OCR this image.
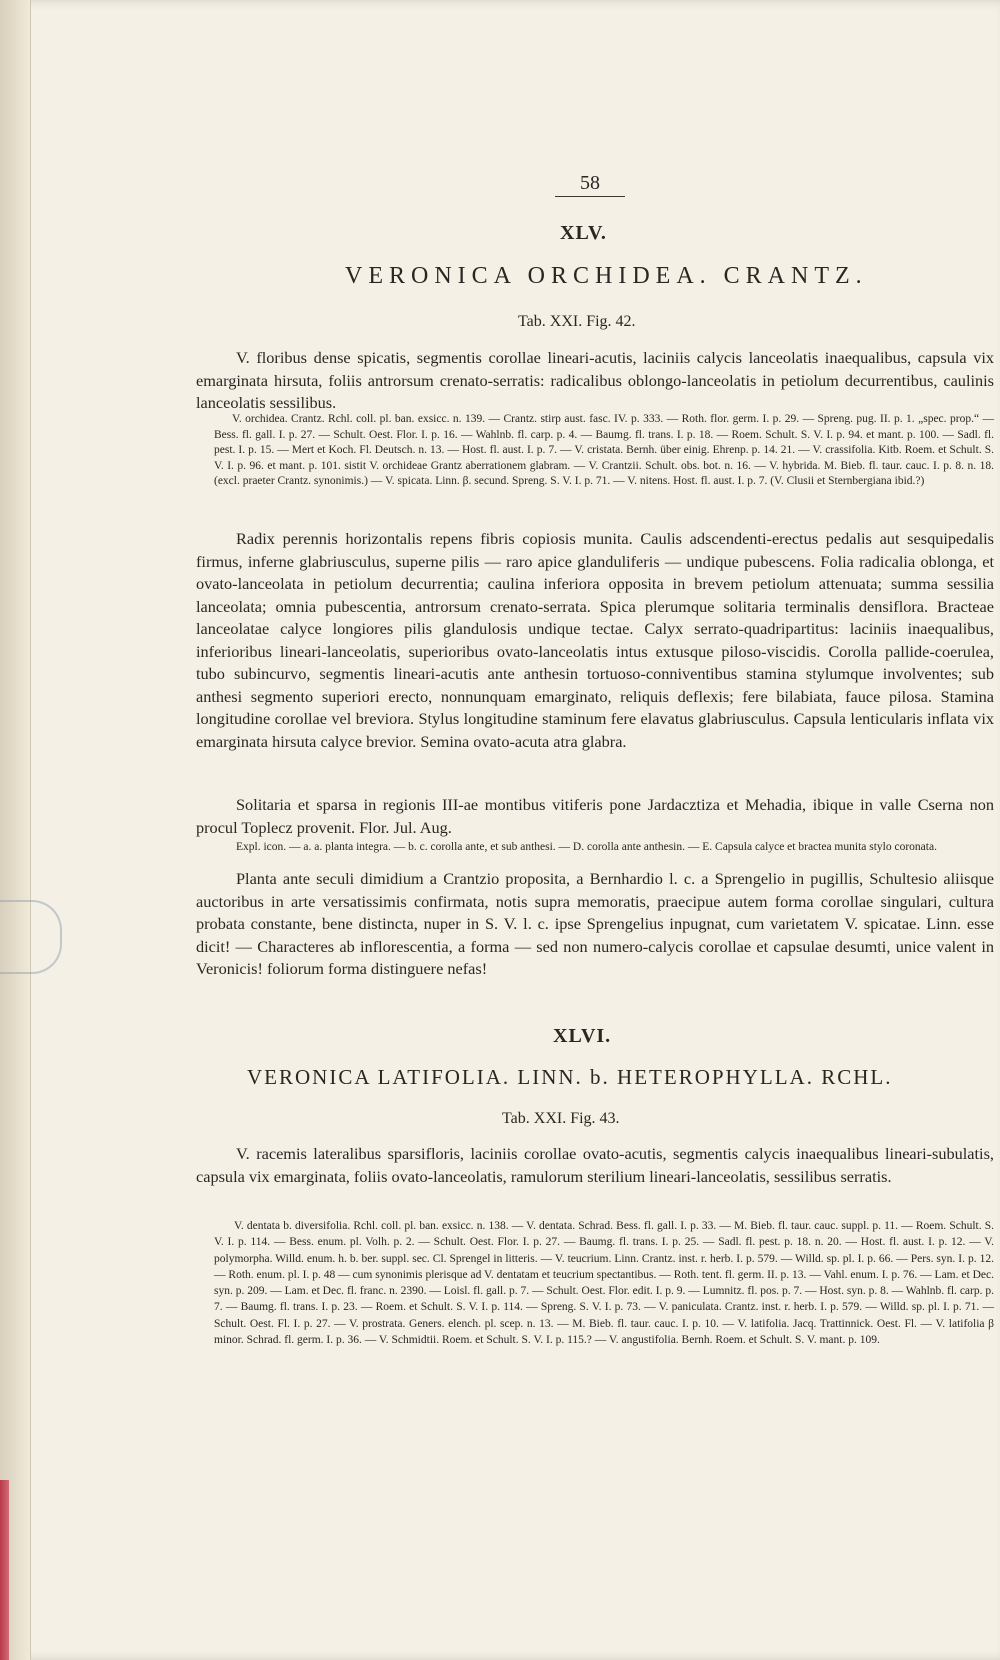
58
XLV.
VERONICA ORCHIDEA. CRANTZ.
Tab. XXI. Fig. 42.
V. floribus dense spicatis, segmentis corollae lineari-acutis, laciniis calycis lanceolatis inaequalibus, capsula vix emarginata hirsuta, foliis antrorsum crenato-serratis: radicalibus oblongo-lanceolatis in petiolum decurrentibus, caulinis lanceolatis sessilibus.
V. orchidea. Crantz. Rchl. coll. pl. ban. exsicc. n. 139. — Crantz. stirp aust. fasc. IV. p. 333. — Roth. flor. germ. I. p. 29. — Spreng. pug. II. p. 1. „spec. prop.“ — Bess. fl. gall. I. p. 27. — Schult. Oest. Flor. I. p. 16. — Wahlnb. fl. carp. p. 4. — Baumg. fl. trans. I. p. 18. — Roem. Schult. S. V. I. p. 94. et mant. p. 100. — Sadl. fl. pest. I. p. 15. — Mert et Koch. Fl. Deutsch. n. 13. — Host. fl. aust. I. p. 7. — V. cristata. Bernh. über einig. Ehrenp. p. 14. 21. — V. crassifolia. Kitb. Roem. et Schult. S. V. I. p. 96. et mant. p. 101. sistit V. orchideae Grantz aberrationem glabram. — V. Crantzii. Schult. obs. bot. n. 16. — V. hybrida. M. Bieb. fl. taur. cauc. I. p. 8. n. 18. (excl. praeter Crantz. synonimis.) — V. spicata. Linn. β. secund. Spreng. S. V. I. p. 71. — V. nitens. Host. fl. aust. I. p. 7. (V. Clusii et Sternbergiana ibid.?)
Radix perennis horizontalis repens fibris copiosis munita. Caulis adscendenti-erectus pedalis aut sesquipedalis firmus, inferne glabriusculus, superne pilis — raro apice glanduliferis — undique pubescens. Folia radicalia oblonga, et ovato-lanceolata in petiolum decurrentia; caulina inferiora opposita in brevem petiolum attenuata; summa sessilia lanceolata; omnia pubescentia, antrorsum crenato-serrata. Spica plerumque solitaria terminalis densiflora. Bracteae lanceolatae calyce longiores pilis glandulosis undique tectae. Calyx serrato-quadripartitus: laciniis inaequalibus, inferioribus lineari-lanceolatis, superioribus ovato-lanceolatis intus extusque piloso-viscidis. Corolla pallide-coerulea, tubo subincurvo, segmentis lineari-acutis ante anthesin tortuoso-conniventibus stamina stylumque involventes; sub anthesi segmento superiori erecto, nonnunquam emarginato, reliquis deflexis; fere bilabiata, fauce pilosa. Stamina longitudine corollae vel breviora. Stylus longitudine staminum fere elavatus glabriusculus. Capsula lenticularis inflata vix emarginata hirsuta calyce brevior. Semina ovato-acuta atra glabra.
Solitaria et sparsa in regionis III-ae montibus vitiferis pone Jardacztiza et Mehadia, ibique in valle Cserna non procul Toplecz provenit. Flor. Jul. Aug.
Expl. icon. — a. a. planta integra. — b. c. corolla ante, et sub anthesi. — D. corolla ante anthesin. — E. Capsula calyce et bractea munita stylo coronata.
Planta ante seculi dimidium a Crantzio proposita, a Bernhardio l. c. a Sprengelio in pugillis, Schultesio aliisque auctoribus in arte versatissimis confirmata, notis supra memoratis, praecipue autem forma corollae singulari, cultura probata constante, bene distincta, nuper in S. V. l. c. ipse Sprengelius inpugnat, cum varietatem V. spicatae. Linn. esse dicit! — Characteres ab inflorescentia, a forma — sed non numero-calycis corollae et capsulae desumti, unice valent in Veronicis! foliorum forma distinguere nefas!
XLVI.
VERONICA LATIFOLIA. LINN. b. HETEROPHYLLA. RCHL.
Tab. XXI. Fig. 43.
V. racemis lateralibus sparsifloris, laciniis corollae ovato-acutis, segmentis calycis inaequalibus lineari-subulatis, capsula vix emarginata, foliis ovato-lanceolatis, ramulorum sterilium lineari-lanceolatis, sessilibus serratis.
V. dentata b. diversifolia. Rchl. coll. pl. ban. exsicc. n. 138. — V. dentata. Schrad. Bess. fl. gall. I. p. 33. — M. Bieb. fl. taur. cauc. suppl. p. 11. — Roem. Schult. S. V. I. p. 114. — Bess. enum. pl. Volh. p. 2. — Schult. Oest. Flor. I. p. 27. — Baumg. fl. trans. I. p. 25. — Sadl. fl. pest. p. 18. n. 20. — Host. fl. aust. I. p. 12. — V. polymorpha. Willd. enum. h. b. ber. suppl. sec. Cl. Sprengel in litteris. — V. teucrium. Linn. Crantz. inst. r. herb. I. p. 579. — Willd. sp. pl. I. p. 66. — Pers. syn. I. p. 12. — Roth. enum. pl. I. p. 48 — cum synonimis plerisque ad V. dentatam et teucrium spectantibus. — Roth. tent. fl. germ. II. p. 13. — Vahl. enum. I. p. 76. — Lam. et Dec. syn. p. 209. — Lam. et Dec. fl. franc. n. 2390. — Loisl. fl. gall. p. 7. — Schult. Oest. Flor. edit. I. p. 9. — Lumnitz. fl. pos. p. 7. — Host. syn. p. 8. — Wahlnb. fl. carp. p. 7. — Baumg. fl. trans. I. p. 23. — Roem. et Schult. S. V. I. p. 114. — Spreng. S. V. I. p. 73. — V. paniculata. Crantz. inst. r. herb. I. p. 579. — Willd. sp. pl. I. p. 71. — Schult. Oest. Fl. I. p. 27. — V. prostrata. Geners. elench. pl. scep. n. 13. — M. Bieb. fl. taur. cauc. I. p. 10. — V. latifolia. Jacq. Trattinnick. Oest. Fl. — V. latifolia β minor. Schrad. fl. germ. I. p. 36. — V. Schmidtii. Roem. et Schult. S. V. I. p. 115.? — V. angustifolia. Bernh. Roem. et Schult. S. V. mant. p. 109.
